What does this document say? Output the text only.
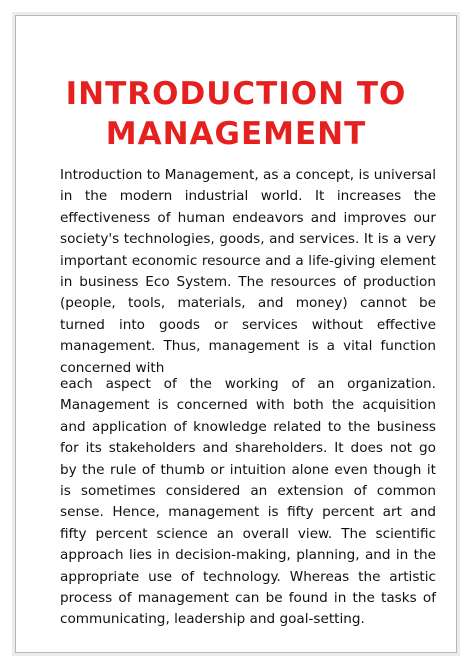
INTRODUCTION TO
MANAGEMENT

Introduction to Management, as a concept, is universal in the modern industrial world. It increases the effectiveness of human endeavors and improves our society's technologies, goods, and services. It is a very important economic resource and a life-giving element in business Eco System. The resources of production (people, tools, materials, and money) cannot be turned into goods or services without effective management. Thus, management is a vital function concerned with

each aspect of the working of an organization. Management is concerned with both the acquisition and application of knowledge related to the business for its stakeholders and shareholders. It does not go by the rule of thumb or intuition alone even though it is sometimes considered an extension of common sense. Hence, management is fifty percent art and fifty percent science an overall view. The scientific approach lies in decision-making, planning, and in the appropriate use of technology. Whereas the artistic process of management can be found in the tasks of communicating, leadership and goal-setting.
